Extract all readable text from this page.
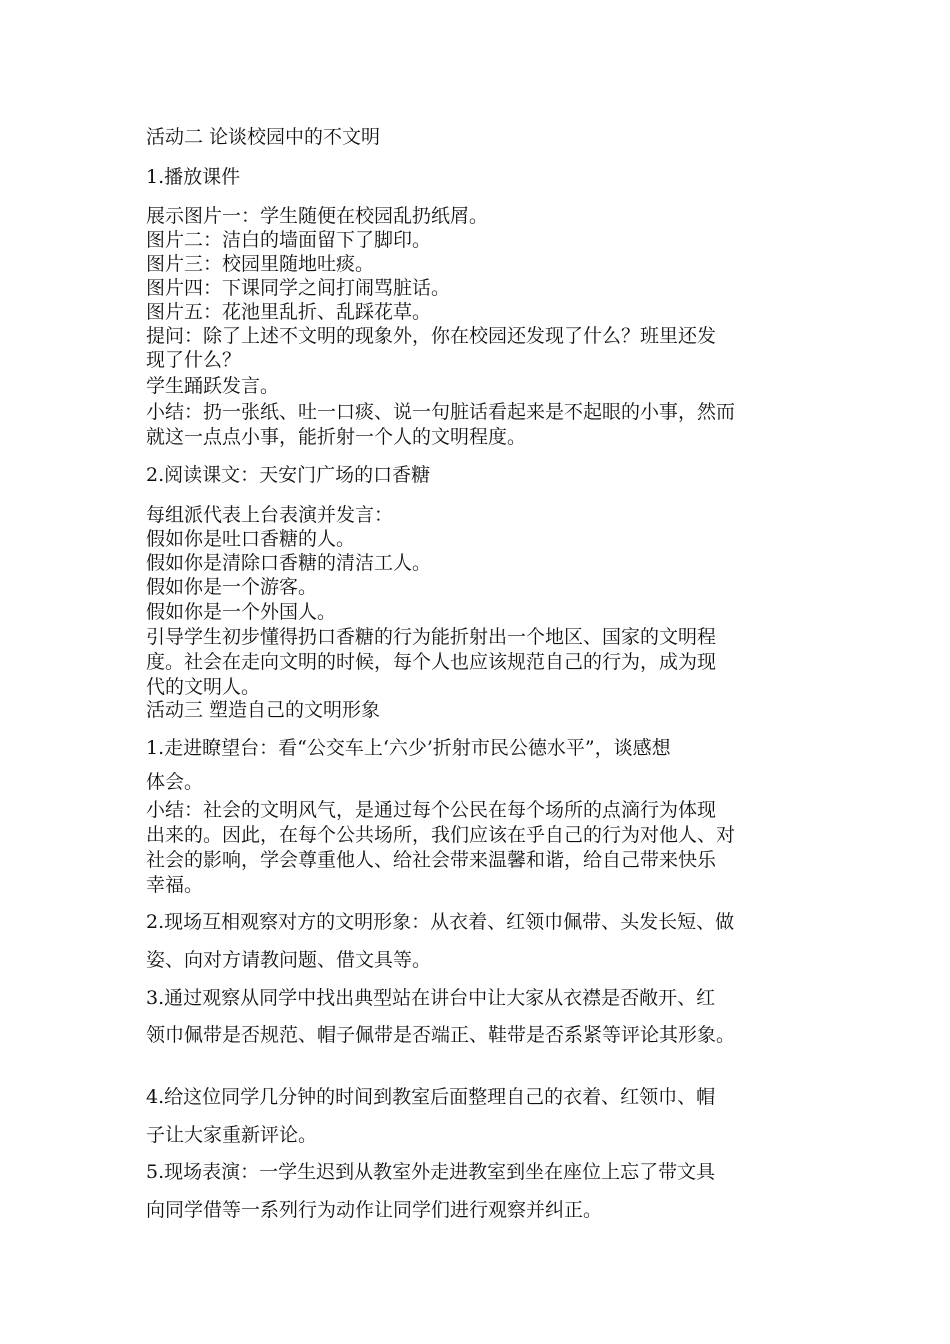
活动二 论谈校园中的不文明

1.播放课件

展示图片一：学生随便在校园乱扔纸屑。

图片二：洁白的墙面留下了脚印。

图片三：校园里随地吐痰。

图片四：下课同学之间打闹骂脏话。

图片五：花池里乱折、乱踩花草。

提问：除了上述不文明的现象外，你在校园还发现了什么？班里还发

现了什么？

学生踊跃发言。

小结：扔一张纸、吐一口痰、说一句脏话看起来是不起眼的小事，然而

就这一点点小事，能折射一个人的文明程度。

2.阅读课文：天安门广场的口香糖

每组派代表上台表演并发言：

假如你是吐口香糖的人。

假如你是清除口香糖的清洁工人。

假如你是一个游客。

假如你是一个外国人。

引导学生初步懂得扔口香糖的行为能折射出一个地区、国家的文明程

度。社会在走向文明的时候，每个人也应该规范自己的行为，成为现

代的文明人。

活动三 塑造自己的文明形象

1.走进瞭望台：看“公交车上‘六少’折射市民公德水平”，谈感想

体会。

小结：社会的文明风气，是通过每个公民在每个场所的点滴行为体现

出来的。因此，在每个公共场所，我们应该在乎自己的行为对他人、对

社会的影响，学会尊重他人、给社会带来温馨和谐，给自己带来快乐

幸福。

2.现场互相观察对方的文明形象：从衣着、红领巾佩带、头发长短、做

姿、向对方请教问题、借文具等。

3.通过观察从同学中找出典型站在讲台中让大家从衣襟是否敞开、红

领巾佩带是否规范、帽子佩带是否端正、鞋带是否系紧等评论其形象。

4.给这位同学几分钟的时间到教室后面整理自己的衣着、红领巾、帽

子让大家重新评论。

5.现场表演：一学生迟到从教室外走进教室到坐在座位上忘了带文具

向同学借等一系列行为动作让同学们进行观察并纠正。
